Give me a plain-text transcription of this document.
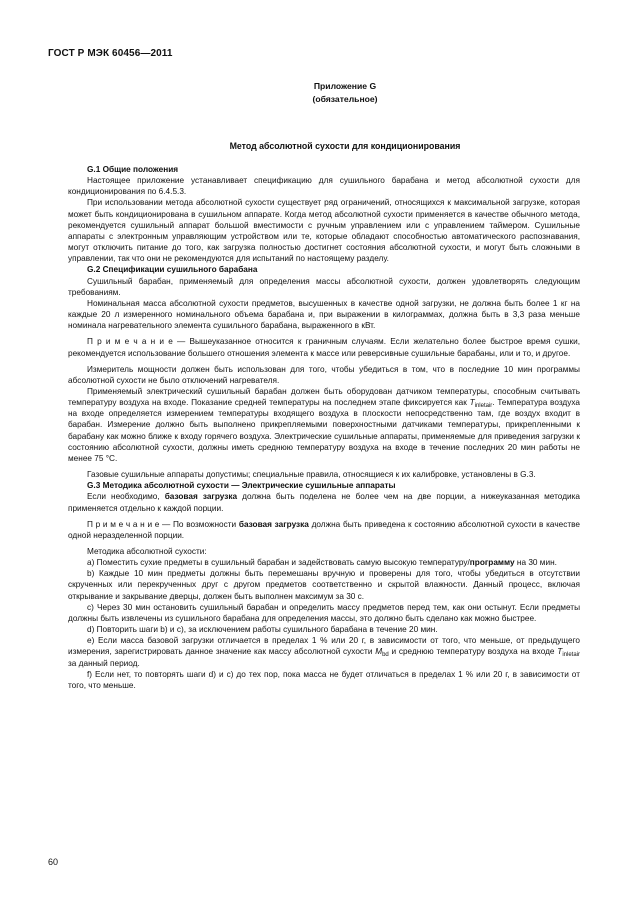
ГОСТ Р МЭК 60456—2011
Приложение G
(обязательное)
Метод абсолютной сухости для кондиционирования

G.1 Общие положения

Настоящее приложение устанавливает спецификацию для сушильного барабана и метод абсолютной сухости для кондиционирования по 6.4.5.3.

При использовании метода абсолютной сухости существует ряд ограничений, относящихся к максимальной загрузке, которая может быть кондиционирована в сушильном аппарате. Когда метод абсолютной сухости применяется в качестве обычного метода, рекомендуется сушильный аппарат большой вместимости с ручным управлением или с управлением таймером. Сушильные аппараты с электронным управляющим устройством или те, которые обладают способностью автоматического распознавания, могут отключить питание до того, как загрузка полностью достигнет состояния абсолютной сухости, и могут быть сложными в управлении, так что они не рекомендуются для испытаний по настоящему разделу.

G.2 Спецификации сушильного барабана

Сушильный барабан, применяемый для определения массы абсолютной сухости, должен удовлетворять следующим требованиям.

Номинальная масса абсолютной сухости предметов, высушенных в качестве одной загрузки, не должна быть более 1 кг на каждые 20 л измеренного номинального объема барабана и, при выражении в килограммах, должна быть в 3,3 раза меньше номинала нагревательного элемента сушильного барабана, выраженного в кВт.

П р и м е ч а н и е — Вышеуказанное относится к граничным случаям. Если желательно более быстрое время сушки, рекомендуется использование большего отношения элемента к массе или реверсивные сушильные барабаны, или и то, и другое.

Измеритель мощности должен быть использован для того, чтобы убедиться в том, что в последние 10 мин программы абсолютной сухости не было отключений нагревателя.

Применяемый электрический сушильный барабан должен быть оборудован датчиком температуры, способным считывать температуру воздуха на входе. Показание средней температуры на последнем этапе фиксируется как $T_{inletair}$. Температура воздуха на входе определяется измерением температуры входящего воздуха в плоскости непосредственно там, где воздух входит в барабан. Измерение должно быть выполнено прикрепляемыми поверхностными датчиками температуры, прикрепленными к барабану как можно ближе к входу горячего воздуха. Электрические сушильные аппараты, применяемые для приведения загрузки к состоянию абсолютной сухости, должны иметь среднюю температуру воздуха на входе в течение последних 20 мин работы не менее 75 °С.

Газовые сушильные аппараты допустимы; специальные правила, относящиеся к их калибровке, установлены в G.3.

G.3 Методика абсолютной сухости — Электрические сушильные аппараты

Если необходимо, базовая загрузка должна быть поделена не более чем на две порции, а нижеуказанная методика применяется отдельно к каждой порции.

П р и м е ч а н и е — По возможности базовая загрузка должна быть приведена к состоянию абсолютной сухости в качестве одной неразделенной порции.

Методика абсолютной сухости:

а) Поместить сухие предметы в сушильный барабан и задействовать самую высокую температуру/программу на 30 мин.

b) Каждые 10 мин предметы должны быть перемешаны вручную и проверены для того, чтобы убедиться в отсутствии скрученных или перекрученных друг с другом предметов соответственно и скрытой влажности. Данный процесс, включая открывание и закрывание дверцы, должен быть выполнен максимум за 30 с.

с) Через 30 мин остановить сушильный барабан и определить массу предметов перед тем, как они остынут. Если предметы должны быть извлечены из сушильного барабана для определения массы, это должно быть сделано как можно быстрее.

d) Повторить шаги b) и с), за исключением работы сушильного барабана в течение 20 мин.

е) Если масса базовой загрузки отличается в пределах 1 % или 20 г, в зависимости от того, что меньше, от предыдущего измерения, зарегистрировать данное значение как массу абсолютной сухости $M_{bd}$ и среднюю температуру воздуха на входе $T_{inletair}$ за данный период.

f) Если нет, то повторять шаги d) и с) до тех пор, пока масса не будет отличаться в пределах 1 % или 20 г, в зависимости от того, что меньше.

60
